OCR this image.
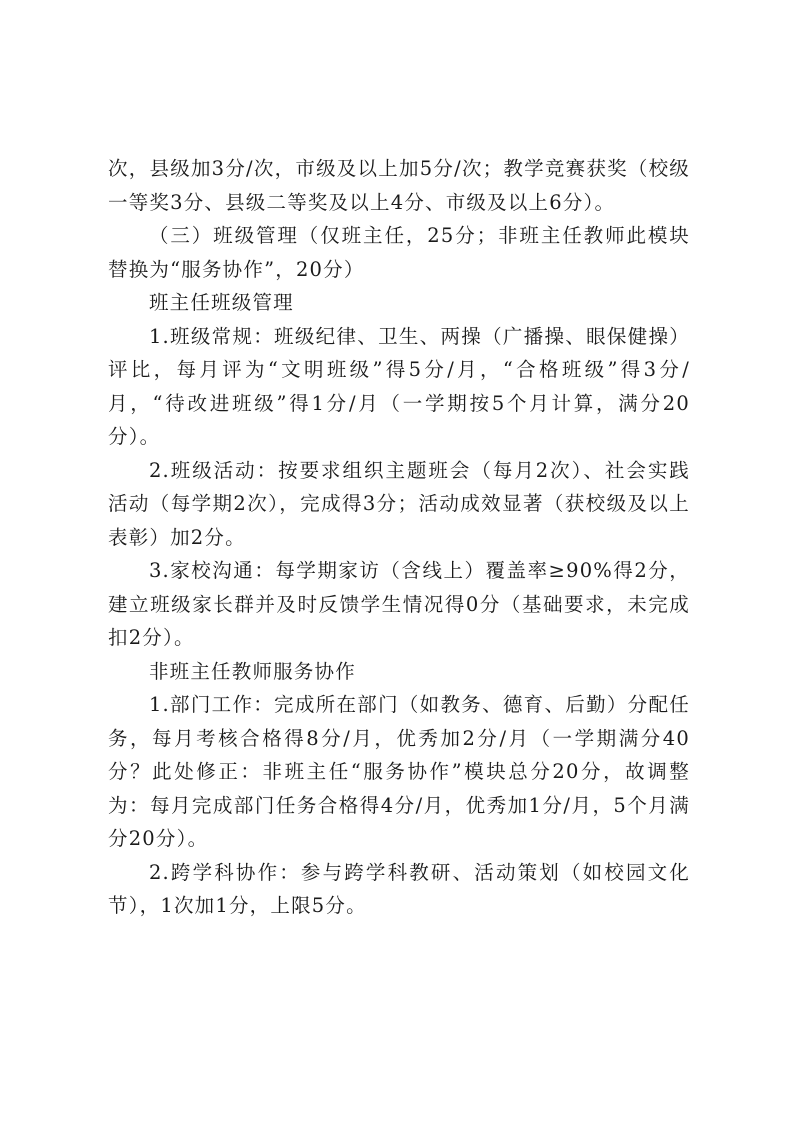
次，县级加3分/次，市级及以上加5分/次；教学竞赛获奖（校级一等奖3分、县级二等奖及以上4分、市级及以上6分）。

（三）班级管理（仅班主任，25分；非班主任教师此模块替换为“服务协作”，20分）

班主任班级管理

1.班级常规：班级纪律、卫生、两操（广播操、眼保健操）评比，每月评为“文明班级”得5分/月，“合格班级”得3分/月，“待改进班级”得1分/月（一学期按5个月计算，满分20分）。

2.班级活动：按要求组织主题班会（每月2次）、社会实践活动（每学期2次），完成得3分；活动成效显著（获校级及以上表彰）加2分。

3.家校沟通：每学期家访（含线上）覆盖率≥90%得2分，建立班级家长群并及时反馈学生情况得0分（基础要求，未完成扣2分）。

非班主任教师服务协作

1.部门工作：完成所在部门（如教务、德育、后勤）分配任务，每月考核合格得8分/月，优秀加2分/月（一学期满分40分？此处修正：非班主任“服务协作”模块总分20分，故调整为：每月完成部门任务合格得4分/月，优秀加1分/月，5个月满分20分）。

2.跨学科协作：参与跨学科教研、活动策划（如校园文化节），1次加1分，上限5分。
